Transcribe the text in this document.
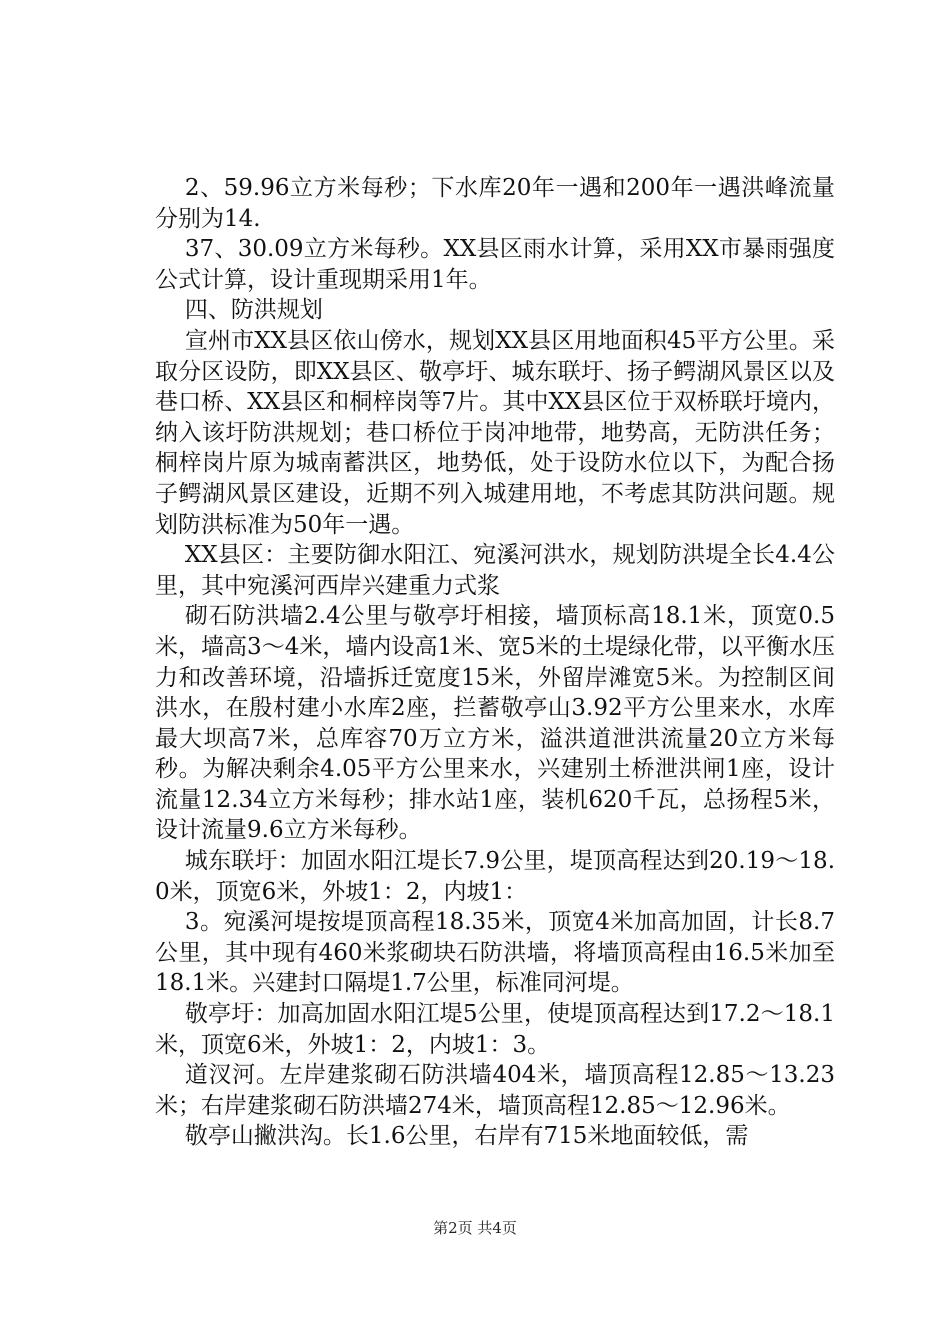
2、59.96立方米每秒；下水库20年一遇和200年一遇洪峰流量分别为14.

37、30.09立方米每秒。XX县区雨水计算，采用XX市暴雨强度公式计算，设计重现期采用1年。

四、防洪规划

宣州市XX县区依山傍水，规划XX县区用地面积45平方公里。采取分区设防，即XX县区、敬亭圩、城东联圩、扬子鳄湖风景区以及巷口桥、XX县区和桐梓岗等7片。其中XX县区位于双桥联圩境内，纳入该圩防洪规划；巷口桥位于岗冲地带，地势高，无防洪任务；桐梓岗片原为城南蓄洪区，地势低，处于设防水位以下，为配合扬子鳄湖风景区建设，近期不列入城建用地，不考虑其防洪问题。规划防洪标准为50年一遇。

XX县区：主要防御水阳江、宛溪河洪水，规划防洪堤全长4.4公里，其中宛溪河西岸兴建重力式浆

砌石防洪墙2.4公里与敬亭圩相接，墙顶标高18.1米，顶宽0.5米，墙高3～4米，墙内设高1米、宽5米的土堤绿化带，以平衡水压力和改善环境，沿墙拆迁宽度15米，外留岸滩宽5米。为控制区间洪水，在殷村建小水库2座，拦蓄敬亭山3.92平方公里来水，水库最大坝高7米，总库容70万立方米，溢洪道泄洪流量20立方米每秒。为解决剩余4.05平方公里来水，兴建别土桥泄洪闸1座，设计流量12.34立方米每秒；排水站1座，装机620千瓦，总扬程5米，设计流量9.6立方米每秒。

城东联圩：加固水阳江堤长7.9公里，堤顶高程达到20.19～18.0米，顶宽6米，外坡1：2，内坡1：

3。宛溪河堤按堤顶高程18.35米，顶宽4米加高加固，计长8.7公里，其中现有460米浆砌块石防洪墙，将墙顶高程由16.5米加至18.1米。兴建封口隔堤1.7公里，标准同河堤。

敬亭圩：加高加固水阳江堤5公里，使堤顶高程达到17.2～18.1米，顶宽6米，外坡1：2，内坡1：3。

道汊河。左岸建浆砌石防洪墙404米，墙顶高程12.85～13.23米；右岸建浆砌石防洪墙274米，墙顶高程12.85～12.96米。

敬亭山撇洪沟。长1.6公里，右岸有715米地面较低，需

第2页 共4页
